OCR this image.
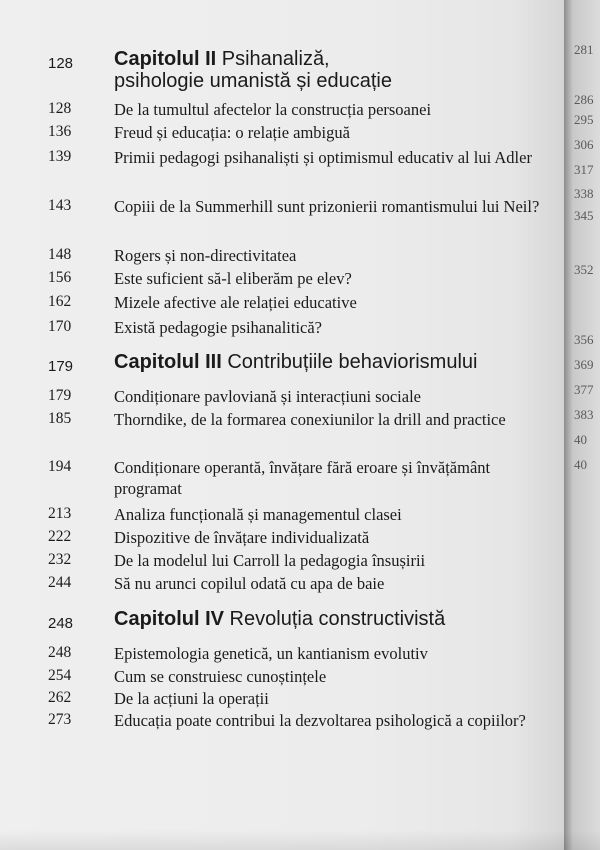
281
286
295
306
317
338
345
352
356
369
377
383
40
40
128	Capitolul II Psihanaliză,
psihologie umanistă și educație
128	De la tumultul afectelor la construcția persoanei
136	Freud și educația: o relație ambiguă
139	Primii pedagogi psihanaliști și optimismul educativ al lui Adler
143	Copiii de la Summerhill sunt prizonierii romantismului lui Neil?
148	Rogers și non-directivitatea
156	Este suficient să-l eliberăm pe elev?
162	Mizele afective ale relației educative
170	Există pedagogie psihanalitică?
179	Capitolul III Contribuțiile behaviorismului
179	Condiționare pavloviană și interacțiuni sociale
185	Thorndike, de la formarea conexiunilor la drill and practice
194	Condiționare operantă, învățare fără eroare și învățământ programat
213	Analiza funcțională și managementul clasei
222	Dispozitive de învățare individualizată
232	De la modelul lui Carroll la pedagogia însușirii
244	Să nu arunci copilul odată cu apa de baie
248	Capitolul IV Revoluția constructivistă
248	Epistemologia genetică, un kantianism evolutiv
254	Cum se construiesc cunoștințele
262	De la acțiuni la operații
273	Educația poate contribui la dezvoltarea psihologică a copiilor?
